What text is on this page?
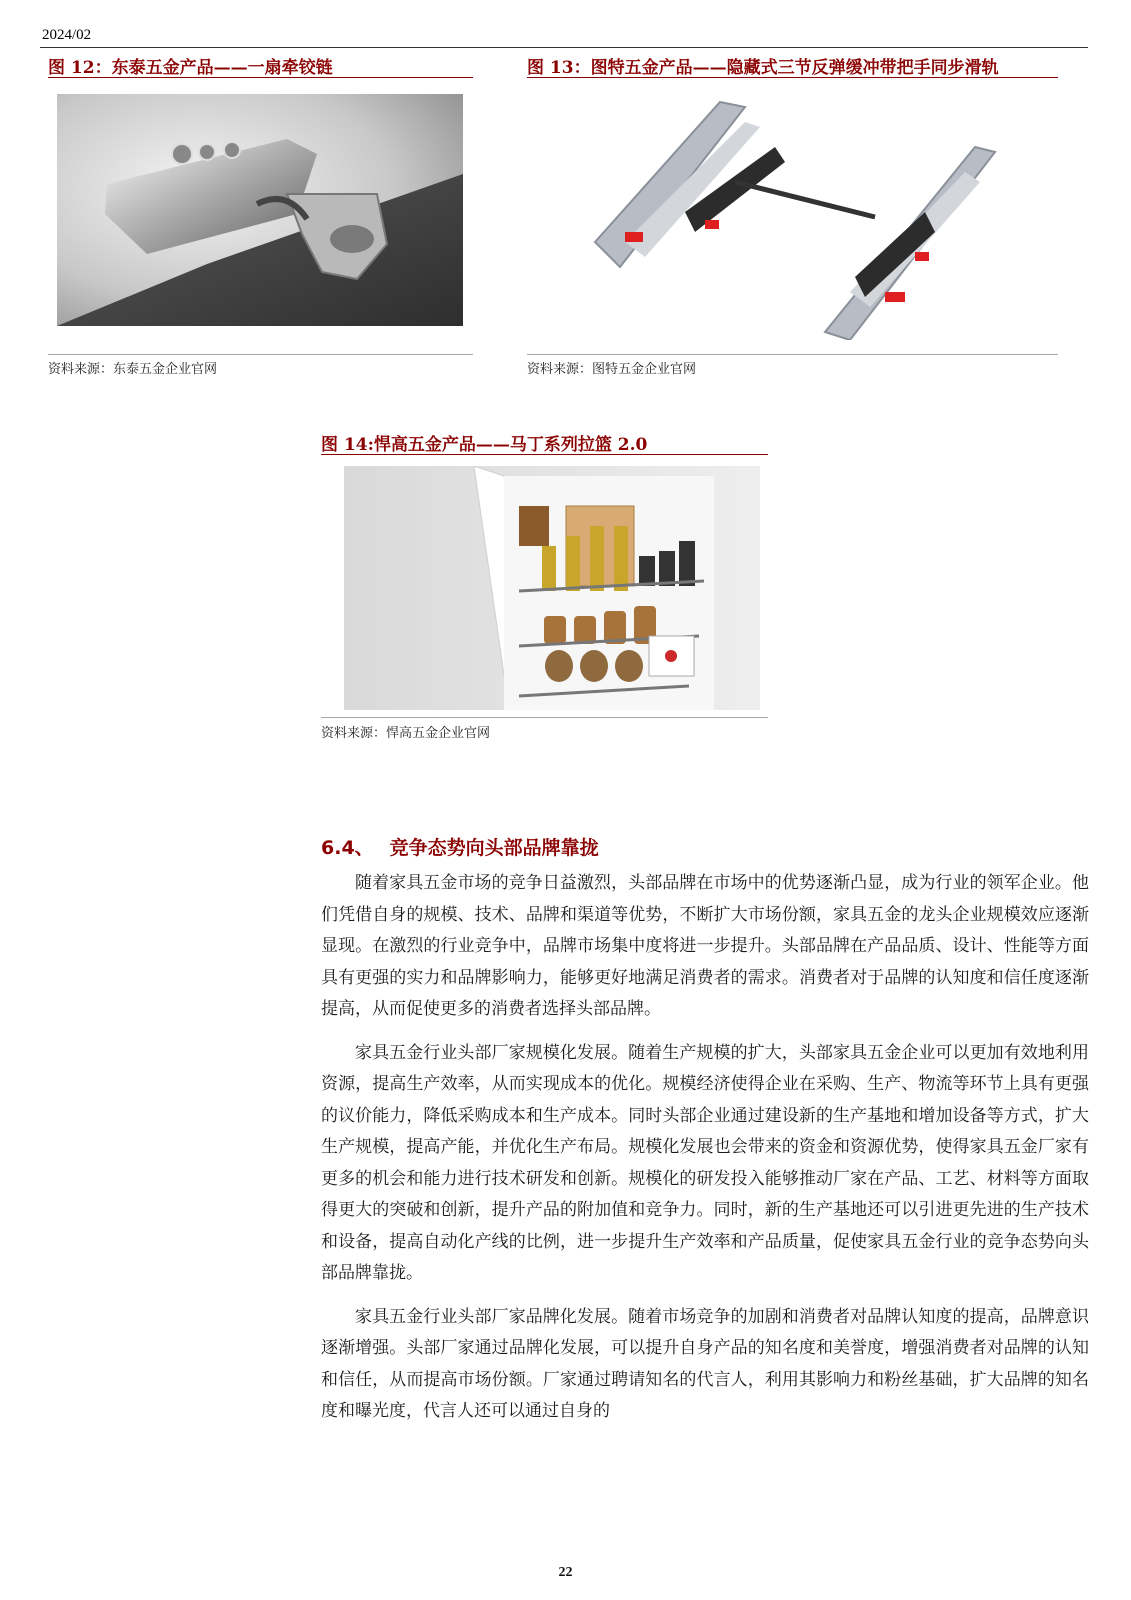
2024/02
图 12：东泰五金产品——一扇牵铰链
资料来源：东泰五金企业官网
图 13：图特五金产品——隐藏式三节反弹缓冲带把手同步滑轨
资料来源：图特五金企业官网
图 14:悍高五金产品——马丁系列拉篮 2.0
资料来源：悍高五金企业官网
6.4、 竞争态势向头部品牌靠拢

随着家具五金市场的竞争日益激烈，头部品牌在市场中的优势逐渐凸显，成为行业的领军企业。他们凭借自身的规模、技术、品牌和渠道等优势，不断扩大市场份额，家具五金的龙头企业规模效应逐渐显现。在激烈的行业竞争中，品牌市场集中度将进一步提升。头部品牌在产品品质、设计、性能等方面具有更强的实力和品牌影响力，能够更好地满足消费者的需求。消费者对于品牌的认知度和信任度逐渐提高，从而促使更多的消费者选择头部品牌。

家具五金行业头部厂家规模化发展。随着生产规模的扩大，头部家具五金企业可以更加有效地利用资源，提高生产效率，从而实现成本的优化。规模经济使得企业在采购、生产、物流等环节上具有更强的议价能力，降低采购成本和生产成本。同时头部企业通过建设新的生产基地和增加设备等方式，扩大生产规模，提高产能，并优化生产布局。规模化发展也会带来的资金和资源优势，使得家具五金厂家有更多的机会和能力进行技术研发和创新。规模化的研发投入能够推动厂家在产品、工艺、材料等方面取得更大的突破和创新，提升产品的附加值和竞争力。同时，新的生产基地还可以引进更先进的生产技术和设备，提高自动化产线的比例，进一步提升生产效率和产品质量，促使家具五金行业的竞争态势向头部品牌靠拢。

家具五金行业头部厂家品牌化发展。随着市场竞争的加剧和消费者对品牌认知度的提高，品牌意识逐渐增强。头部厂家通过品牌化发展，可以提升自身产品的知名度和美誉度，增强消费者对品牌的认知和信任，从而提高市场份额。厂家通过聘请知名的代言人，利用其影响力和粉丝基础，扩大品牌的知名度和曝光度，代言人还可以通过自身的

22
